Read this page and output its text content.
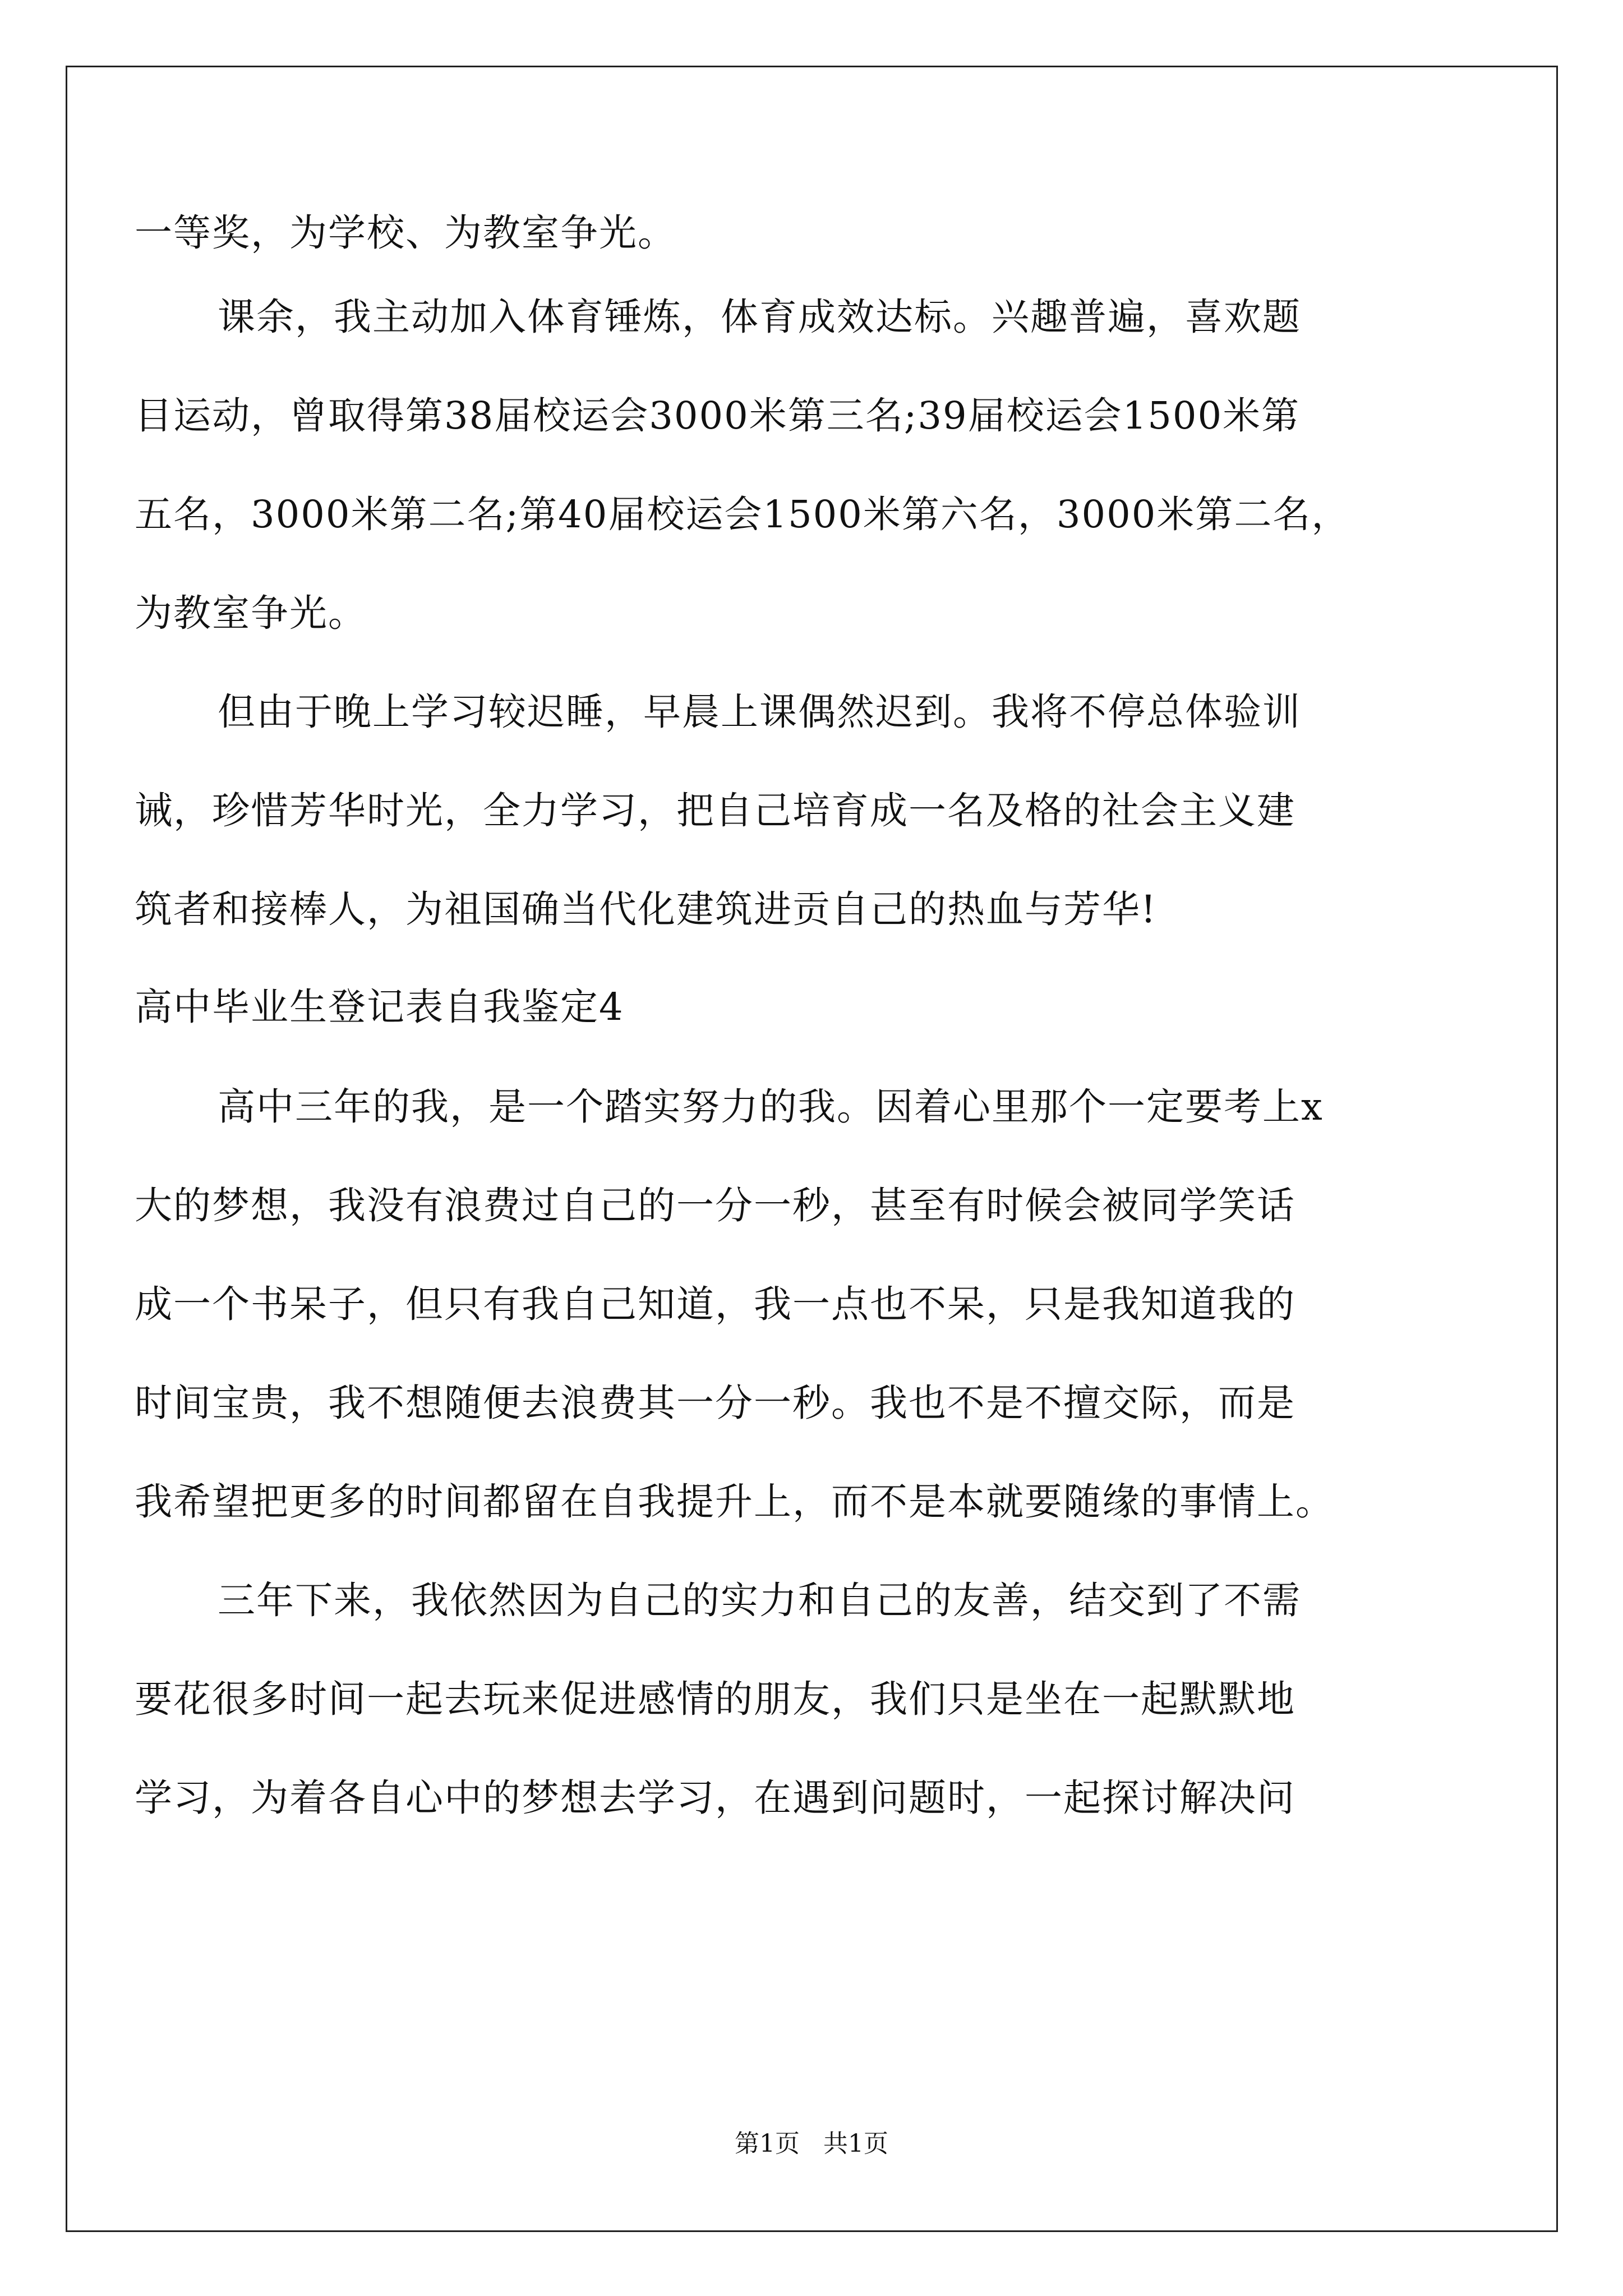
一等奖，为学校、为教室争光。
课余，我主动加入体育锤炼，体育成效达标。兴趣普遍，喜欢题
目运动，曾取得第38届校运会3000米第三名;39届校运会1500米第
五名，3000米第二名;第40届校运会1500米第六名，3000米第二名，
为教室争光。
但由于晚上学习较迟睡，早晨上课偶然迟到。我将不停总体验训
诫，珍惜芳华时光，全力学习，把自己培育成一名及格的社会主义建
筑者和接棒人，为祖国确当代化建筑进贡自己的热血与芳华!
高中毕业生登记表自我鉴定4
高中三年的我，是一个踏实努力的我。因着心里那个一定要考上x
大的梦想，我没有浪费过自己的一分一秒，甚至有时候会被同学笑话
成一个书呆子，但只有我自己知道，我一点也不呆，只是我知道我的
时间宝贵，我不想随便去浪费其一分一秒。我也不是不擅交际，而是
我希望把更多的时间都留在自我提升上，而不是本就要随缘的事情上。
三年下来，我依然因为自己的实力和自己的友善，结交到了不需
要花很多时间一起去玩来促进感情的朋友，我们只是坐在一起默默地
学习，为着各自心中的梦想去学习，在遇到问题时，一起探讨解决问
第1页   共1页
